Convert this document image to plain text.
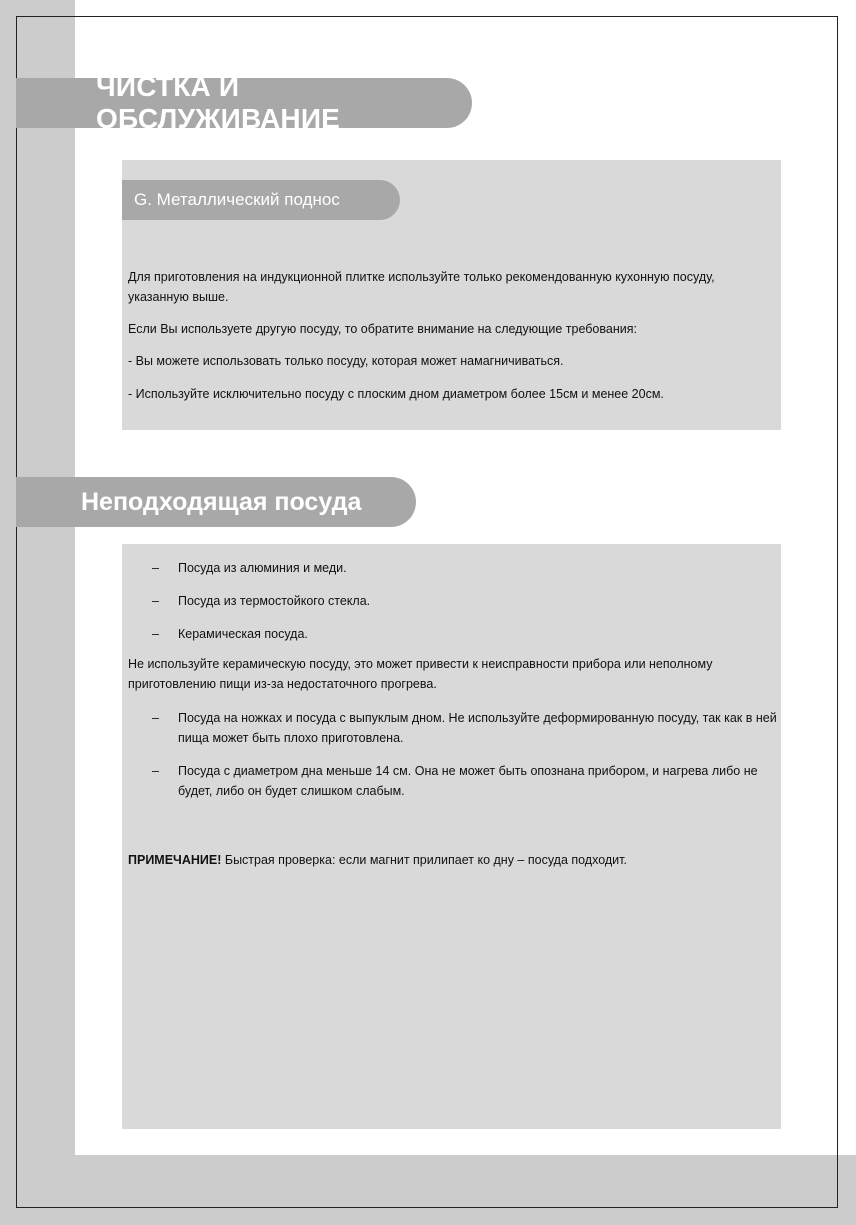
ЧИСТКА И ОБСЛУЖИВАНИЕ
G. Металлический поднос

Для приготовления на индукционной плитке используйте только рекомендованную кухонную посуду, указанную выше.

Если Вы используете другую посуду, то обратите внимание на следующие требования:

- Вы можете использовать только посуду, которая может намагничиваться.

- Используйте исключительно посуду с плоским дном диаметром более 15см и менее 20см.

Неподходящая посуда
–	Посуда из алюминия и меди.
–	Посуда из термостойкого стекла.
–	Керамическая посуда.

Не используйте керамическую посуду, это может привести к неисправности прибора или неполному приготовлению пищи из-за недостаточного прогрева.

–	Посуда на ножках и посуда с выпуклым дном. Не используйте деформированную посуду, так как в ней пища может быть плохо приготовлена.
–	Посуда с диаметром дна меньше 14 см. Она не может быть опознана прибором, и нагрева либо не будет, либо он будет слишком слабым.

ПРИМЕЧАНИЕ! Быстрая проверка: если магнит прилипает ко дну – посуда подходит.
